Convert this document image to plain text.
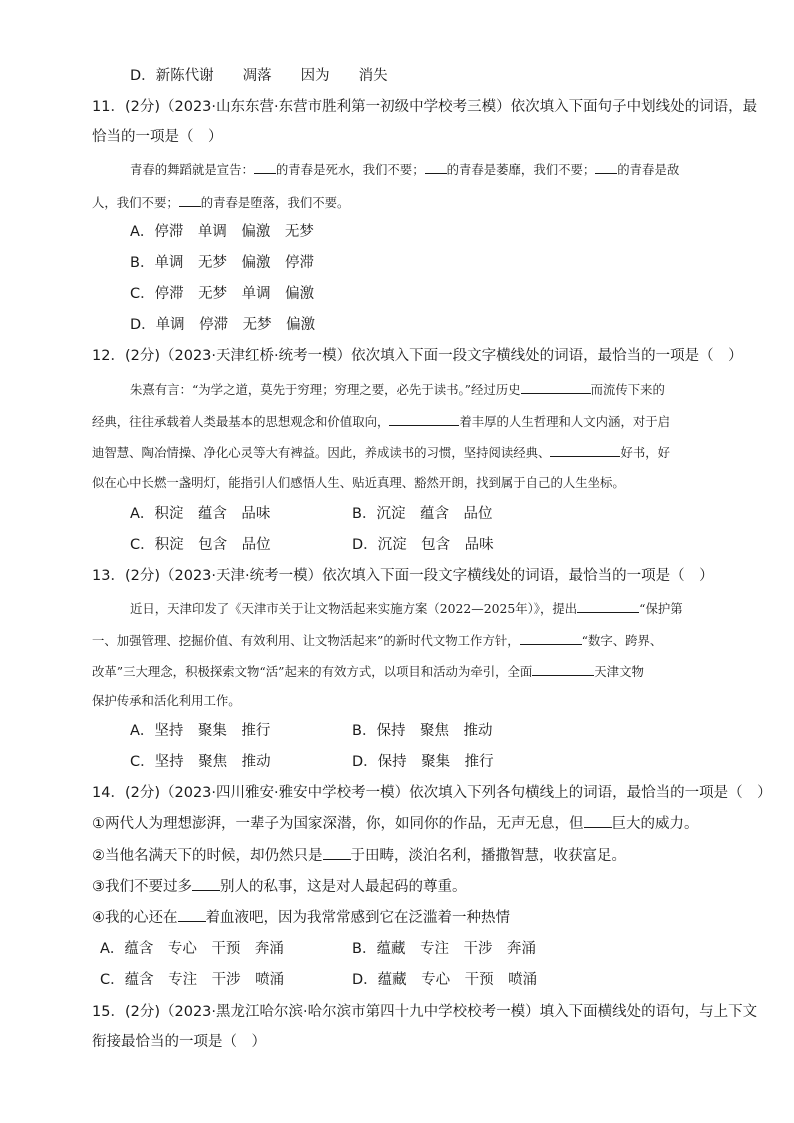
D．新陈代谢　　凋落　　因为　　消失
11．(2分)（2023·山东东营·东营市胜利第一初级中学校考三模）依次填入下面句子中划线处的词语，最
恰当的一项是（　）
青春的舞蹈就是宣告： 的青春是死水，我们不要； 的青春是萎靡，我们不要； 的青春是敌
人，我们不要； 的青春是堕落，我们不要。
A．停滞　单调　偏激　无梦
B．单调　无梦　偏激　停滞
C．停滞　无梦　单调　偏激
D．单调　停滞　无梦　偏激
12．(2分)（2023·天津红桥·统考一模）依次填入下面一段文字横线处的词语，最恰当的一项是（　）
朱熹有言：“为学之道，莫先于穷理；穷理之要，必先于读书。”经过历史	而流传下来的
经典，往往承载着人类最基本的思想观念和价值取向，	着丰厚的人生哲理和人文内涵，对于启
迪智慧、陶冶情操、净化心灵等大有裨益。因此，养成读书的习惯，坚持阅读经典、	好书，好
似在心中长燃一盏明灯，能指引人们感悟人生、贴近真理、豁然开朗，找到属于自己的人生坐标。
A．积淀　蕴含　品味	B．沉淀　蕴含　品位
C．积淀　包含　品位	D．沉淀　包含　品味
13．(2分)（2023·天津·统考一模）依次填入下面一段文字横线处的词语，最恰当的一项是（　）
近日，天津印发了《天津市关于让文物活起来实施方案（2022—2025年）》，提出	“保护第
一、加强管理、挖掘价值、有效利用、让文物活起来”的新时代文物工作方针，	“数字、跨界、
改革”三大理念，积极探索文物“活”起来的有效方式，以项目和活动为牵引，全面	天津文物
保护传承和活化利用工作。
A．坚持　聚集　推行	B．保持　聚焦　推动
C．坚持　聚焦　推动	D．保持　聚集　推行
14．(2分)（2023·四川雅安·雅安中学校考一模）依次填入下列各句横线上的词语，最恰当的一项是（　）
①两代人为理想澎湃，一辈子为国家深潜，你，如同你的作品，无声无息，但 巨大的威力。
②当他名满天下的时候，却仍然只是 于田畴，淡泊名利，播撒智慧，收获富足。
③我们不要过多 别人的私事，这是对人最起码的尊重。
④我的心还在 着血液吧，因为我常常感到它在泛滥着一种热情
A．蕴含　专心　干预　奔涌	B．蕴藏　专注　干涉　奔涌
C．蕴含　专注　干涉　喷涌	D．蕴藏　专心　干预　喷涌
15．(2分)（2023·黑龙江哈尔滨·哈尔滨市第四十九中学校校考一模）填入下面横线处的语句，与上下文
衔接最恰当的一项是（　）
